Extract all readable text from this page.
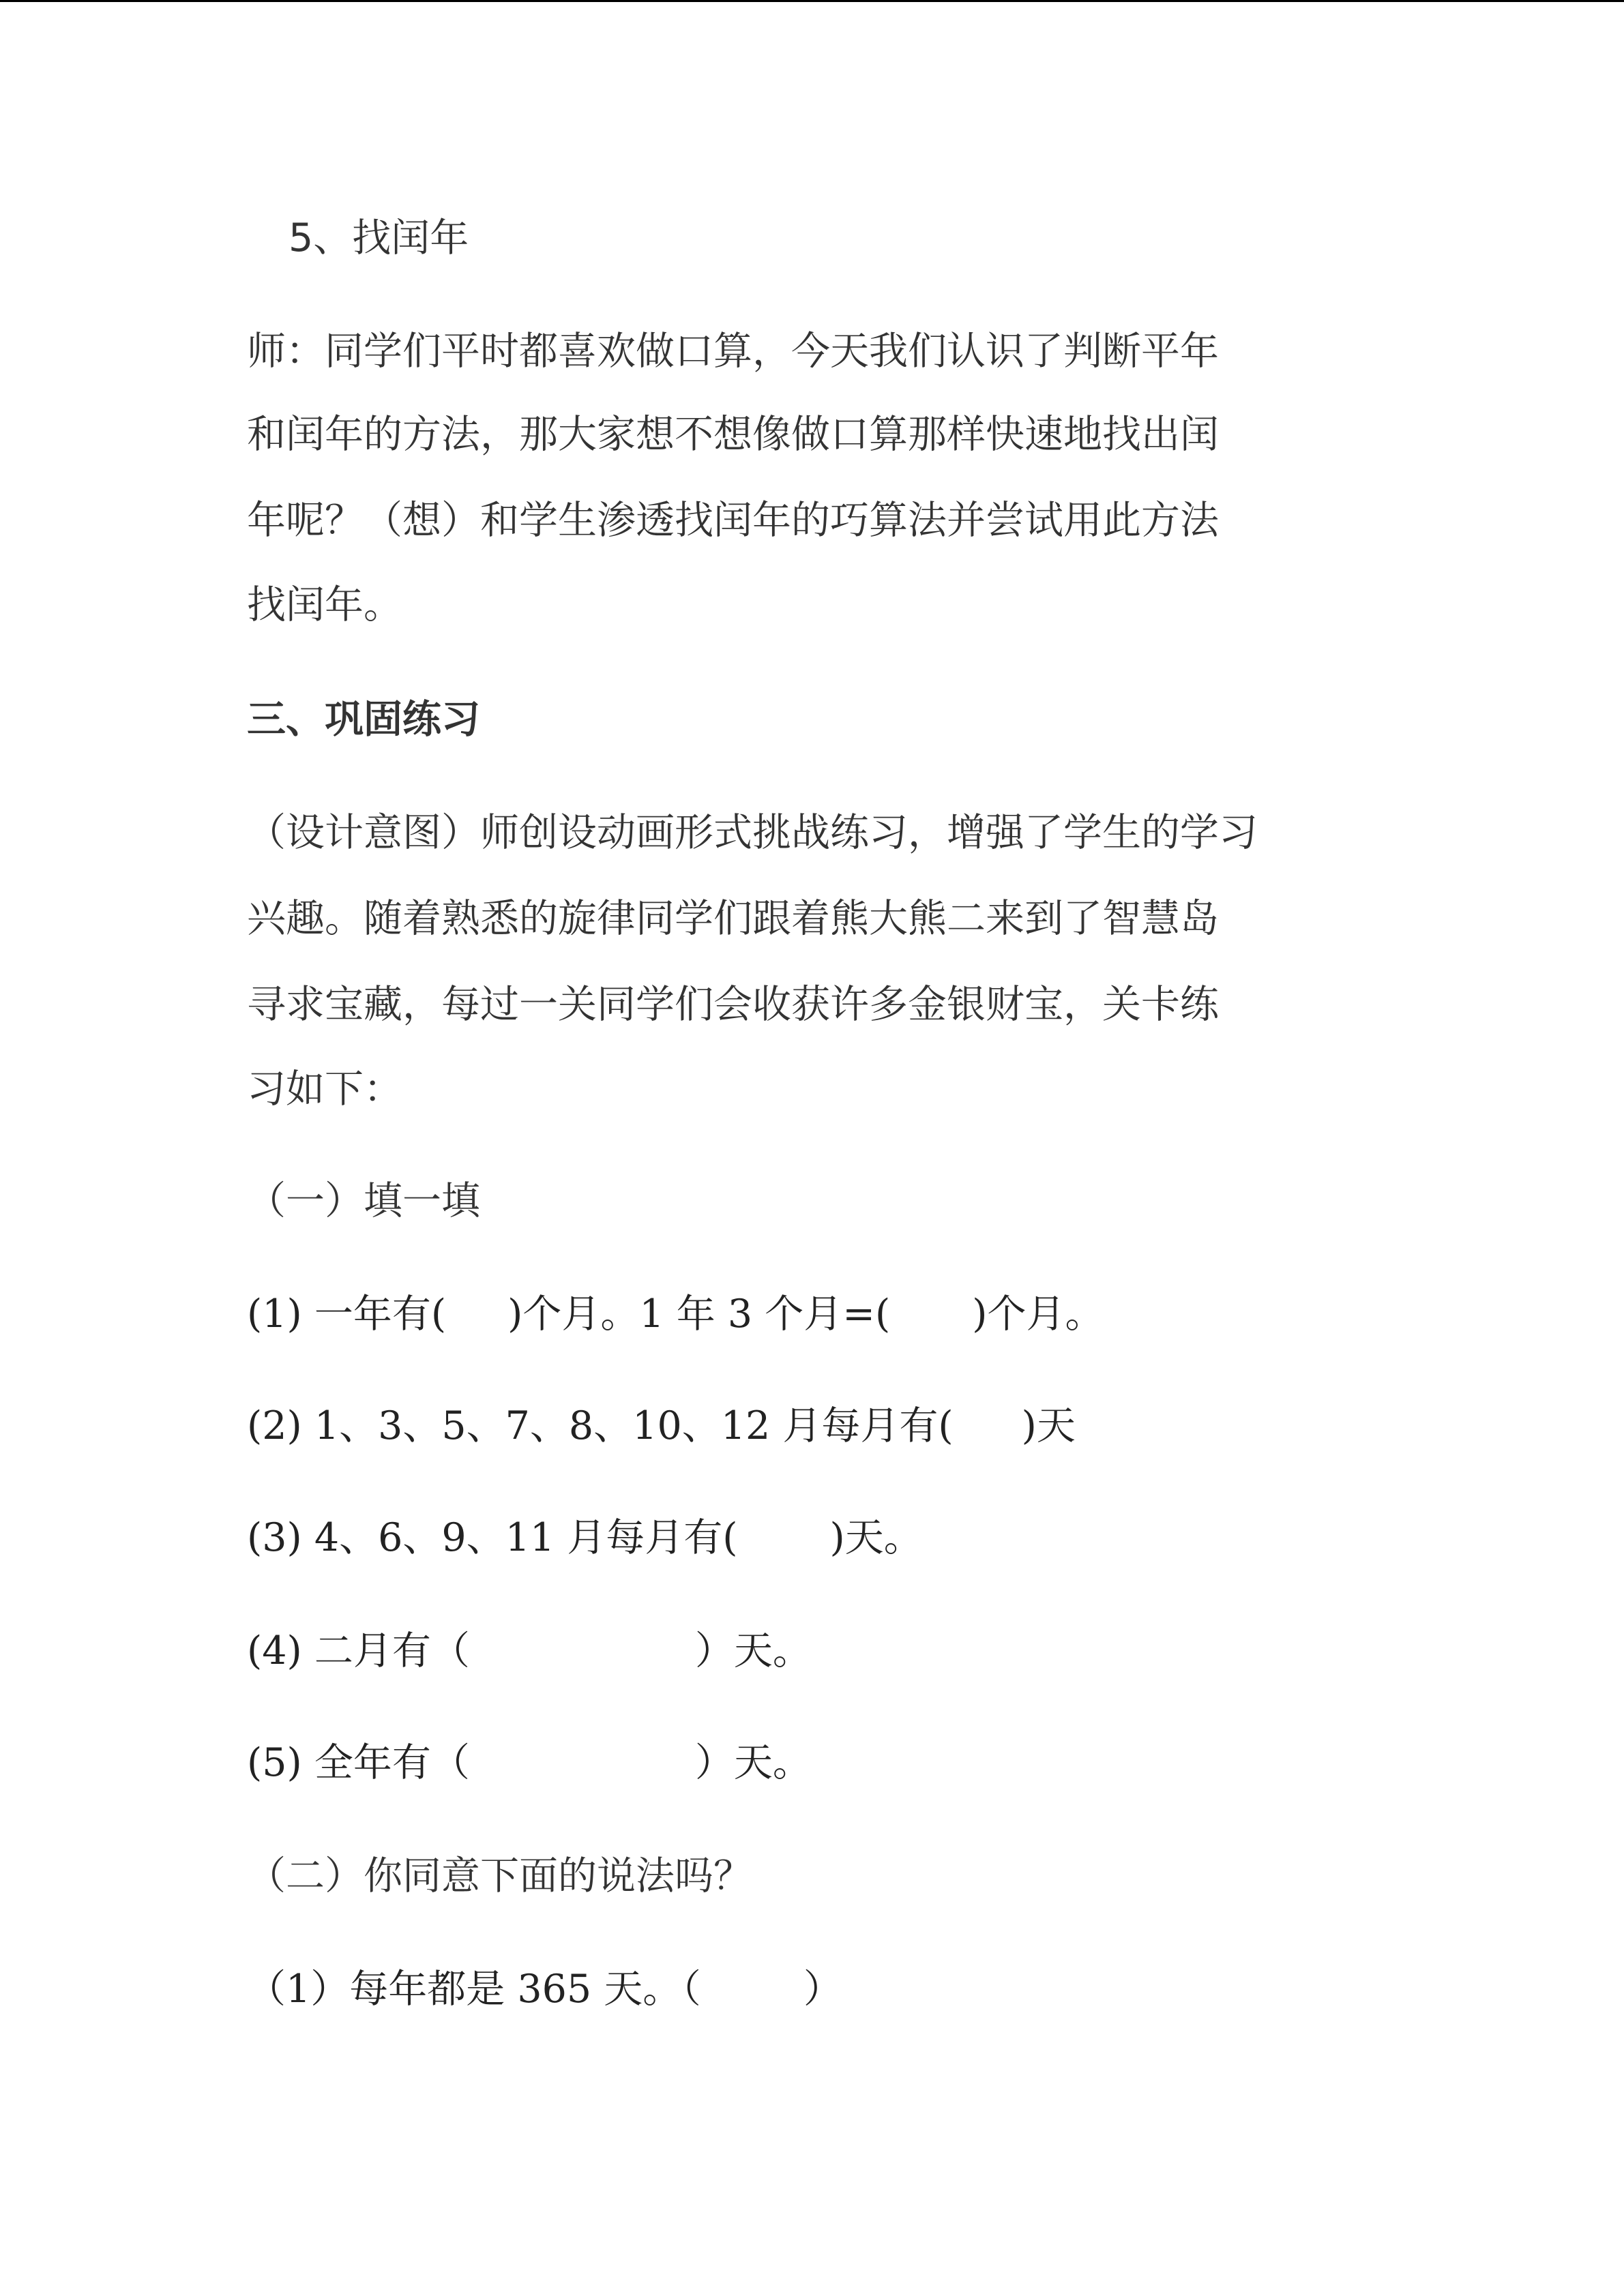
5、找闰年
师：同学们平时都喜欢做口算，今天我们认识了判断平年
和闰年的方法，那大家想不想像做口算那样快速地找出闰
年呢？（想）和学生渗透找闰年的巧算法并尝试用此方法
找闰年。
三、巩固练习
（设计意图）师创设动画形式挑战练习，增强了学生的学习
兴趣。随着熟悉的旋律同学们跟着熊大熊二来到了智慧岛
寻求宝藏，每过一关同学们会收获许多金银财宝，关卡练
习如下：
（一）填一填
(1) 一年有( )个月。1 年 3 个月=( )个月。
(2) 1、3、5、7、8、10、12 月每月有( )天
(3) 4、6、9、11 月每月有( )天。
(4) 二月有（	）天。
(5) 全年有（	）天。
（二）你同意下面的说法吗？
（1）每年都是 365 天。（	）
